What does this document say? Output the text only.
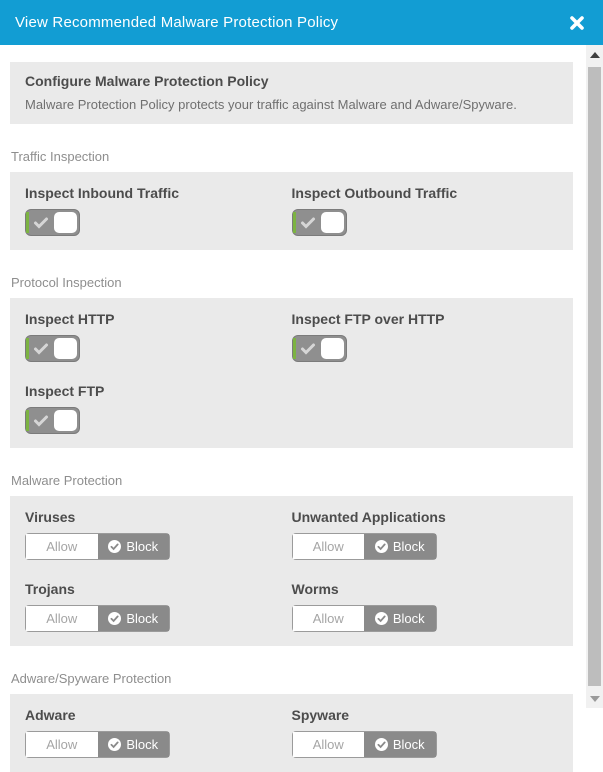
View Recommended Malware Protection Policy
Configure Malware Protection Policy
Malware Protection Policy protects your traffic against Malware and Adware/Spyware.
Traffic Inspection
Inspect Inbound Traffic	Inspect Outbound Traffic
Protocol Inspection
Inspect HTTP	Inspect FTP over HTTP
Inspect FTP
Malware Protection
Viruses
Allow	Block
Unwanted Applications
Allow	Block
Trojans
Allow	Block
Worms
Allow	Block
Adware/Spyware Protection
Adware
Allow	Block
Spyware
Allow	Block
